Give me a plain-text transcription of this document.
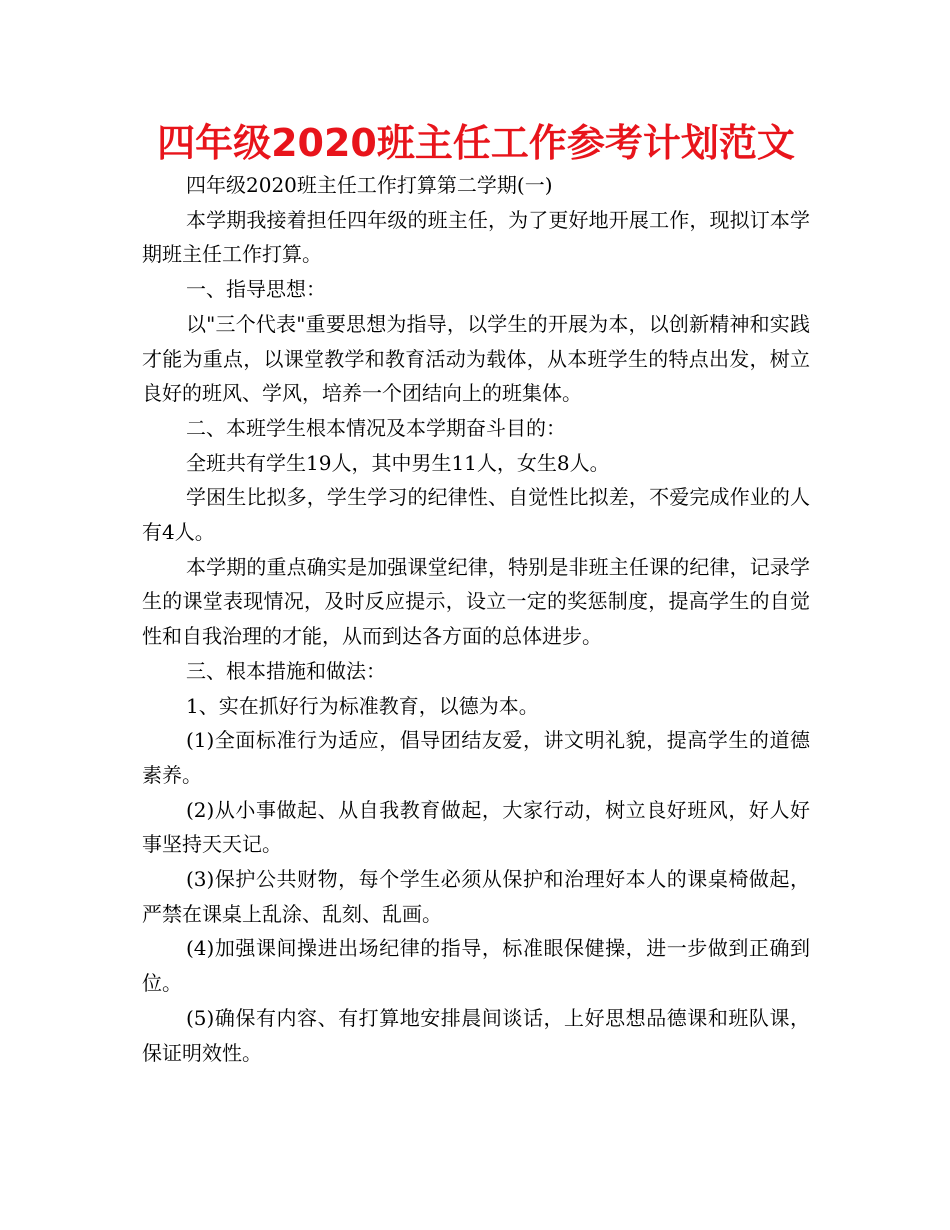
四年级2020班主任工作参考计划范文

四年级2020班主任工作打算第二学期(一)

本学期我接着担任四年级的班主任，为了更好地开展工作，现拟订本学期班主任工作打算。

一、指导思想：

以"三个代表"重要思想为指导，以学生的开展为本，以创新精神和实践才能为重点，以课堂教学和教育活动为载体，从本班学生的特点出发，树立良好的班风、学风，培养一个团结向上的班集体。

二、本班学生根本情况及本学期奋斗目的：

全班共有学生19人，其中男生11人，女生8人。

学困生比拟多，学生学习的纪律性、自觉性比拟差，不爱完成作业的人有4人。

本学期的重点确实是加强课堂纪律，特别是非班主任课的纪律，记录学生的课堂表现情况，及时反应提示，设立一定的奖惩制度，提高学生的自觉性和自我治理的才能，从而到达各方面的总体进步。

三、根本措施和做法：

1、实在抓好行为标准教育，以德为本。

(1)全面标准行为适应，倡导团结友爱，讲文明礼貌，提高学生的道德素养。

(2)从小事做起、从自我教育做起，大家行动，树立良好班风，好人好事坚持天天记。

(3)保护公共财物，每个学生必须从保护和治理好本人的课桌椅做起，严禁在课桌上乱涂、乱刻、乱画。

(4)加强课间操进出场纪律的指导，标准眼保健操，进一步做到正确到位。

(5)确保有内容、有打算地安排晨间谈话，上好思想品德课和班队课，保证明效性。
